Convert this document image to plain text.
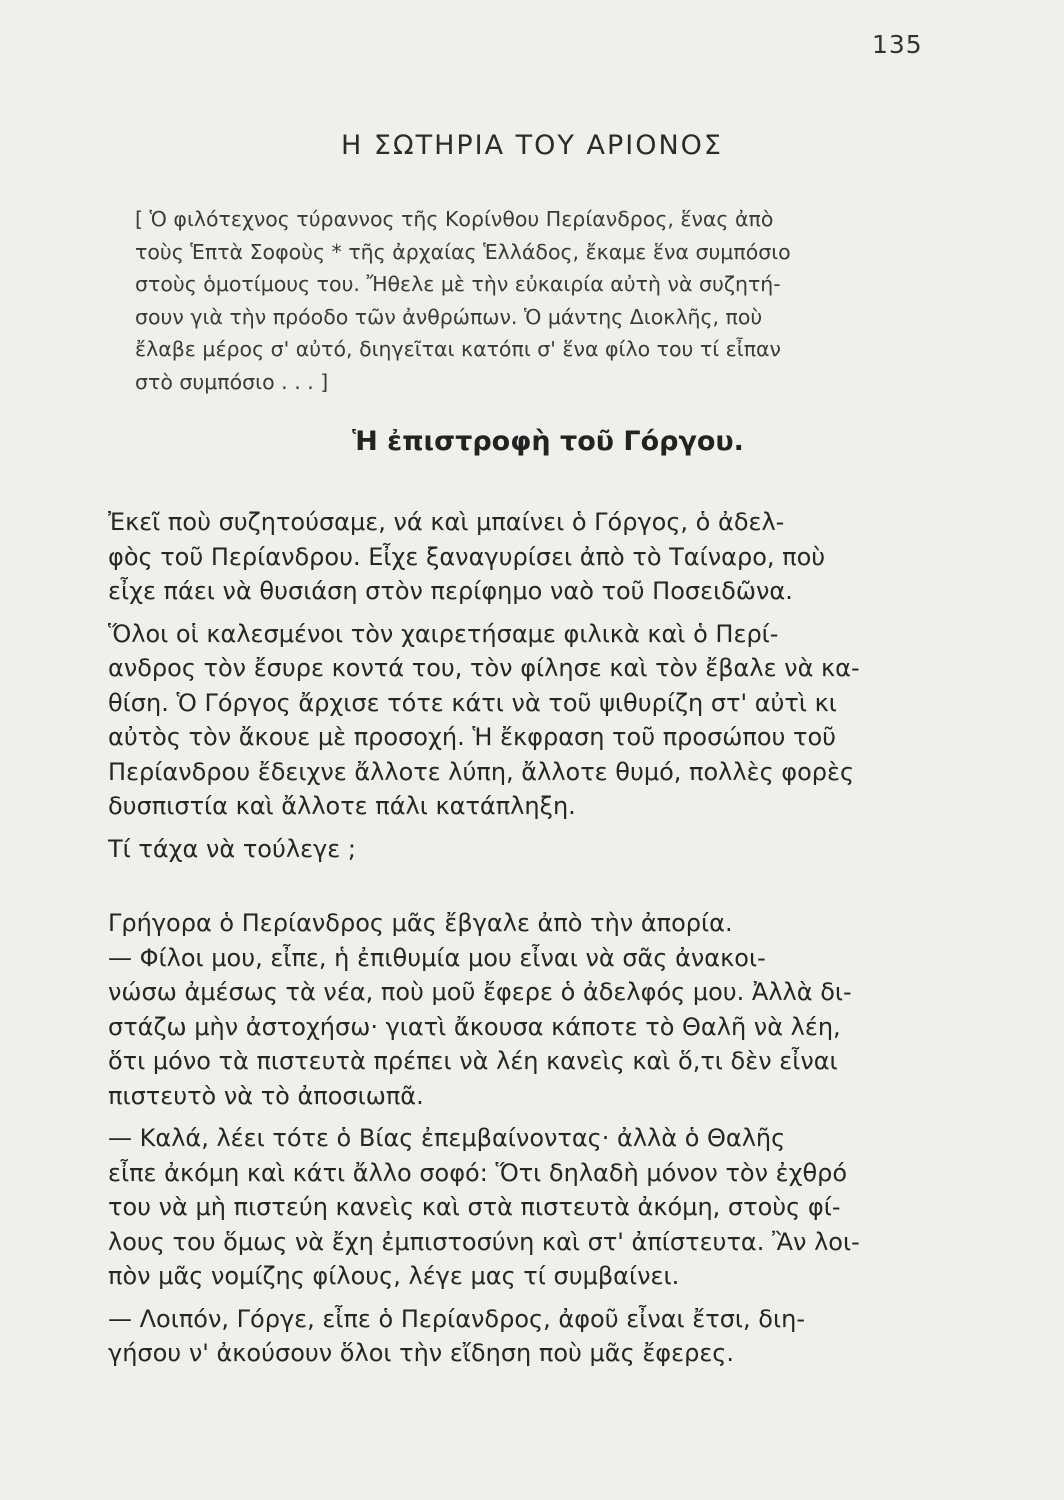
135
Η ΣΩΤΗΡΙΑ ΤΟΥ ΑΡΙΟΝΟΣ

[ Ὁ φιλότεχνος τύραννος τῆς Κορίνθου Περίανδρος, ἕνας ἀπὸ

τοὺς Ἑπτὰ Σοφοὺς * τῆς ἀρχαίας Ἑλλάδος, ἔκαμε ἕνα συμπόσιο

στοὺς ὁμοτίμους του. Ἤθελε μὲ τὴν εὐκαιρία αὐτὴ νὰ συζητή-

σουν γιὰ τὴν πρόοδο τῶν ἀνθρώπων. Ὁ μάντης Διοκλῆς, ποὺ

ἔλαβε μέρος σ' αὐτό, διηγεῖται κατόπι σ' ἕνα φίλο του τί εἶπαν

στὸ συμπόσιο . . . ]

Ἡ ἐπιστροφὴ τοῦ Γόργου.
Ἐκεῖ ποὺ συζητούσαμε, νά καὶ μπαίνει ὁ Γόργος, ὁ ἀδελ-
φὸς τοῦ Περίανδρου. Εἶχε ξαναγυρίσει ἀπὸ τὸ Ταίναρο, ποὺ
εἶχε πάει νὰ θυσιάση στὸν περίφημο ναὸ τοῦ Ποσειδῶνα.
Ὅλοι οἱ καλεσμένοι τὸν χαιρετήσαμε φιλικὰ καὶ ὁ Περί-
ανδρος τὸν ἔσυρε κοντά του, τὸν φίλησε καὶ τὸν ἔβαλε νὰ κα-
θίση. Ὁ Γόργος ἄρχισε τότε κάτι νὰ τοῦ ψιθυρίζη στ' αὐτὶ κι
αὐτὸς τὸν ἄκουε μὲ προσοχή. Ἡ ἔκφραση τοῦ προσώπου τοῦ
Περίανδρου ἔδειχνε ἄλλοτε λύπη, ἄλλοτε θυμό, πολλὲς φορὲς
δυσπιστία καὶ ἄλλοτε πάλι κατάπληξη.
Τί τάχα νὰ τούλεγε ;
Γρήγορα ὁ Περίανδρος μᾶς ἔβγαλε ἀπὸ τὴν ἀπορία.
— Φίλοι μου, εἶπε, ἡ ἐπιθυμία μου εἶναι νὰ σᾶς ἀνακοι-
νώσω ἀμέσως τὰ νέα, ποὺ μοῦ ἔφερε ὁ ἀδελφός μου. Ἀλλὰ δι-
στάζω μὴν ἀστοχήσω· γιατὶ ἄκουσα κάποτε τὸ Θαλῆ νὰ λέη,
ὅτι μόνο τὰ πιστευτὰ πρέπει νὰ λέη κανεὶς καὶ ὅ,τι δὲν εἶναι
πιστευτὸ νὰ τὸ ἀποσιωπᾶ.
— Καλά, λέει τότε ὁ Βίας ἐπεμβαίνοντας· ἀλλὰ ὁ Θαλῆς
εἶπε ἀκόμη καὶ κάτι ἄλλο σοφό: Ὅτι δηλαδὴ μόνον τὸν ἐχθρό
του νὰ μὴ πιστεύη κανεὶς καὶ στὰ πιστευτὰ ἀκόμη, στοὺς φί-
λους του ὅμως νὰ ἔχη ἐμπιστοσύνη καὶ στ' ἀπίστευτα. Ἂν λοι-
πὸν μᾶς νομίζης φίλους, λέγε μας τί συμβαίνει.
— Λοιπόν, Γόργε, εἶπε ὁ Περίανδρος, ἀφοῦ εἶναι ἔτσι, διη-
γήσου ν' ἀκούσουν ὅλοι τὴν εἴδηση ποὺ μᾶς ἔφερες.
